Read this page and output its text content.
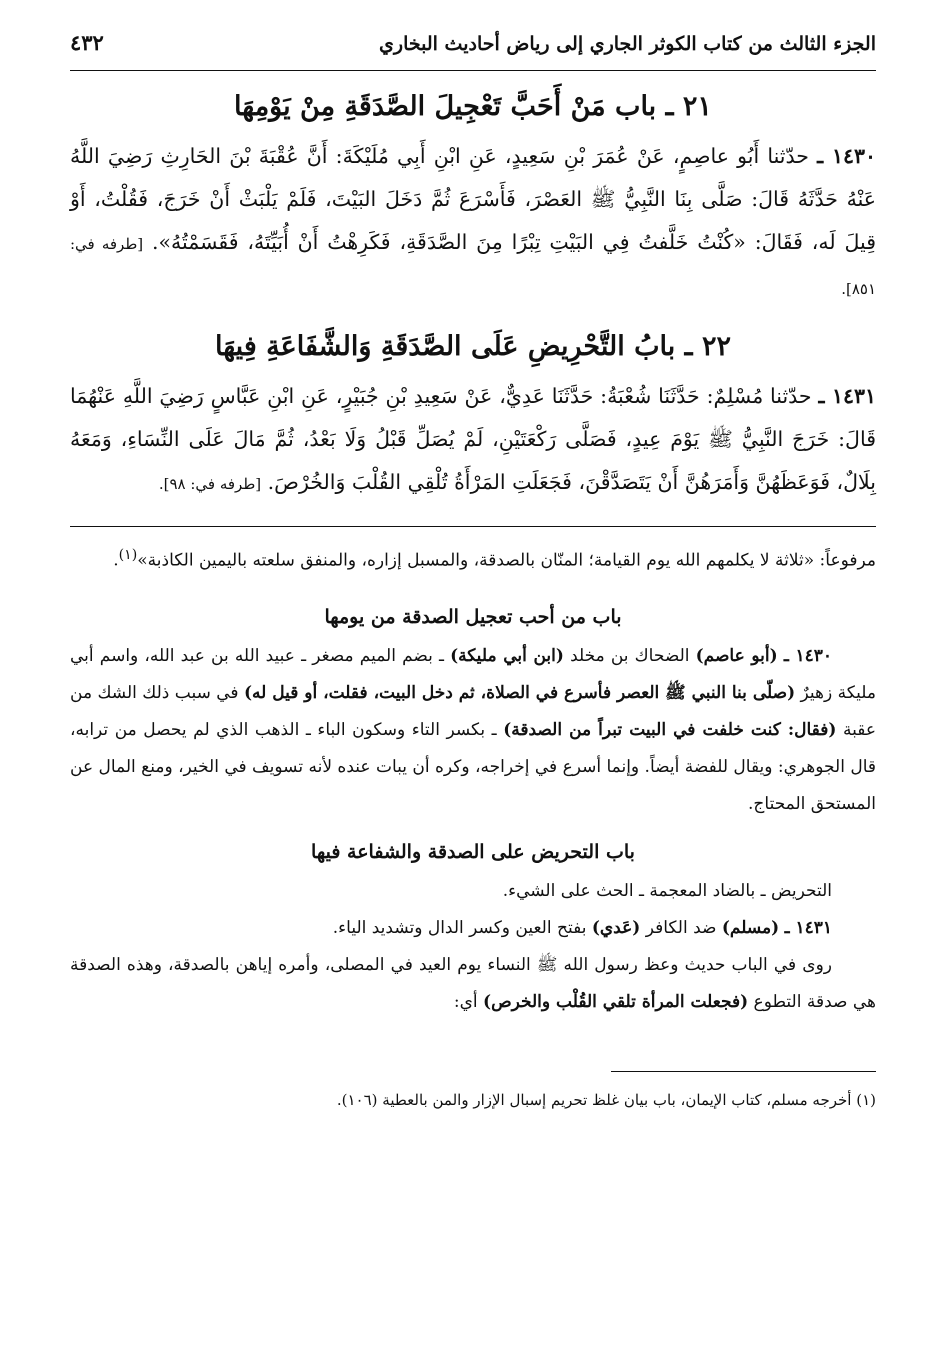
الجزء الثالث من كتاب الكوثر الجاري إلى رياض أحاديث البخاري
٤٣٢
٢١ ـ باب مَنْ أَحَبَّ تَعْجِيلَ الصَّدَقَةِ مِنْ يَوْمِهَا

١٤٣٠ ـ حدّثنا أَبُو عاصِمٍ، عَنْ عُمَرَ بْنِ سَعِيدٍ، عَنِ ابْنِ أَبِي مُلَيْكَةَ: أَنَّ عُقْبَةَ بْنَ الحَارِثِ رَضِيَ اللَّهُ عَنْهُ حَدَّثَهُ قَالَ: صَلَّى بِنَا النَّبِيُّ ﷺ العَصْرَ، فَأَسْرَعَ ثُمَّ دَخَلَ البَيْتَ، فَلَمْ يَلْبَثْ أَنْ خَرَجَ، فَقُلْتُ، أَوْ قِيلَ لَه، فَقَالَ: «كُنْتُ خَلَّفتُ فِي البَيْتِ تِبْرًا مِنَ الصَّدَقَةِ، فَكَرِهْتُ أَنْ أُبَيِّتَهُ، فَقَسَمْتُهُ». [طرفه في: ٨٥١].

٢٢ ـ بابُ التَّحْرِيضِ عَلَى الصَّدَقَةِ وَالشَّفَاعَةِ فِيهَا

١٤٣١ ـ حدّثنا مُسْلِمٌ: حَدَّثَنَا شُعْبَةُ: حَدَّثَنَا عَدِيٌّ، عَنْ سَعِيدِ بْنِ جُبَيْرٍ، عَنِ ابْنِ عَبَّاسٍ رَضِيَ اللَّهِ عَنْهُمَا قَالَ: خَرَجَ النَّبِيُّ ﷺ يَوْمَ عِيدٍ، فَصَلَّى رَكْعَتَيْنِ، لَمْ يُصَلِّ قَبْلُ وَلَا بَعْدُ، ثُمَّ مَالَ عَلَى النِّسَاءِ، وَمَعَهُ بِلَالٌ، فَوَعَظَهُنَّ وَأَمَرَهُنَّ أَنْ يَتَصَدَّقْنَ، فَجَعَلَتِ المَرْأَةُ تُلْقِي القُلْبَ وَالخُرْصَ. [طرفه في: ٩٨].

مرفوعاً: «ثلاثة لا يكلمهم الله يوم القيامة؛ المنّان بالصدقة، والمسبل إزاره، والمنفق سلعته باليمين الكاذبة»$^{(١)}$.

باب من أحب تعجيل الصدقة من يومها

١٤٣٠ ـ (أبو عاصم) الضحاك بن مخلد (ابن أبي مليكة) ـ بضم الميم مصغر ـ عبيد الله بن عبد الله، واسم أبي مليكة زهيرٌ (صلّى بنا النبي ﷺ العصر فأسرع في الصلاة، ثم دخل البيت، فقلت، أو قيل له) في سبب ذلك الشك من عقبة (فقال: كنت خلفت في البيت تبراً من الصدقة) ـ بكسر التاء وسكون الباء ـ الذهب الذي لم يحصل من ترابه، قال الجوهري: ويقال للفضة أيضاً. وإنما أسرع في إخراجه، وكره أن يبات عنده لأنه تسويف في الخير، ومنع المال عن المستحق المحتاج.

باب التحريض على الصدقة والشفاعة فيها

التحريض ـ بالضاد المعجمة ـ الحث على الشيء.

١٤٣١ ـ (مسلم) ضد الكافر (عَدي) بفتح العين وكسر الدال وتشديد الياء.

روى في الباب حديث وعظ رسول الله ﷺ النساء يوم العيد في المصلى، وأمره إياهن بالصدقة، وهذه الصدقة هي صدقة التطوع (فجعلت المرأة تلقي القُلْب والخرص) أي:

(١) أخرجه مسلم، كتاب الإيمان، باب بيان غلظ تحريم إسبال الإزار والمن بالعطية (١٠٦).
